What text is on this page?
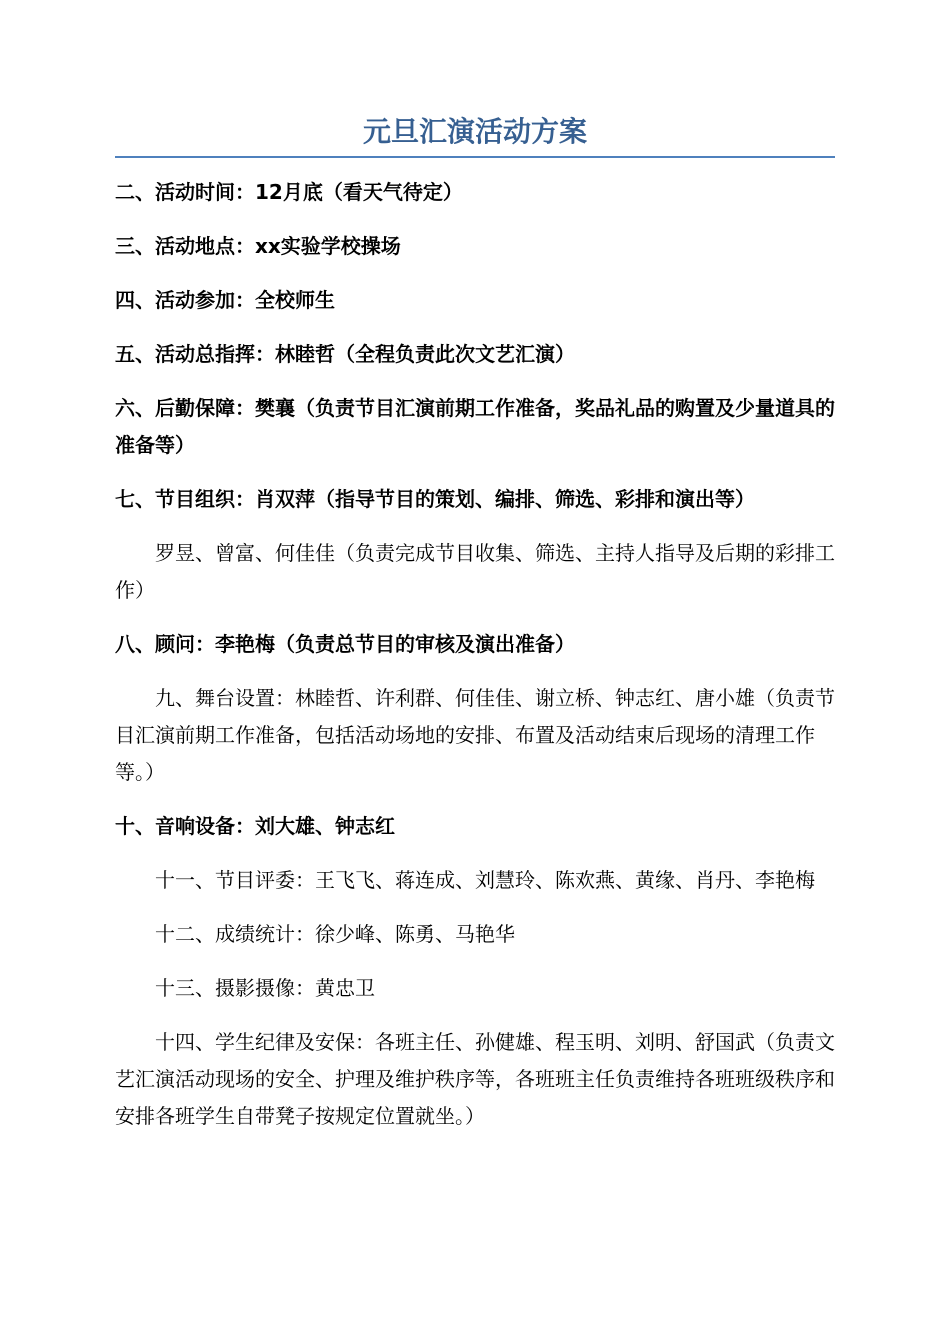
元旦汇演活动方案

二、活动时间：12月底（看天气待定）

三、活动地点：xx实验学校操场

四、活动参加：全校师生

五、活动总指挥：林睦哲（全程负责此次文艺汇演）

六、后勤保障：樊襄（负责节目汇演前期工作准备，奖品礼品的购置及少量道具的准备等）

七、节目组织：肖双萍（指导节目的策划、编排、筛选、彩排和演出等）

罗昱、曾富、何佳佳（负责完成节目收集、筛选、主持人指导及后期的彩排工作）

八、顾问：李艳梅（负责总节目的审核及演出准备）

九、舞台设置：林睦哲、许利群、何佳佳、谢立桥、钟志红、唐小雄（负责节目汇演前期工作准备，包括活动场地的安排、布置及活动结束后现场的清理工作等。）

十、音响设备：刘大雄、钟志红

十一、节目评委：王飞飞、蒋连成、刘慧玲、陈欢燕、黄缘、肖丹、李艳梅

十二、成绩统计：徐少峰、陈勇、马艳华

十三、摄影摄像：黄忠卫

十四、学生纪律及安保：各班主任、孙健雄、程玉明、刘明、舒国武（负责文艺汇演活动现场的安全、护理及维护秩序等，各班班主任负责维持各班班级秩序和安排各班学生自带凳子按规定位置就坐。）
